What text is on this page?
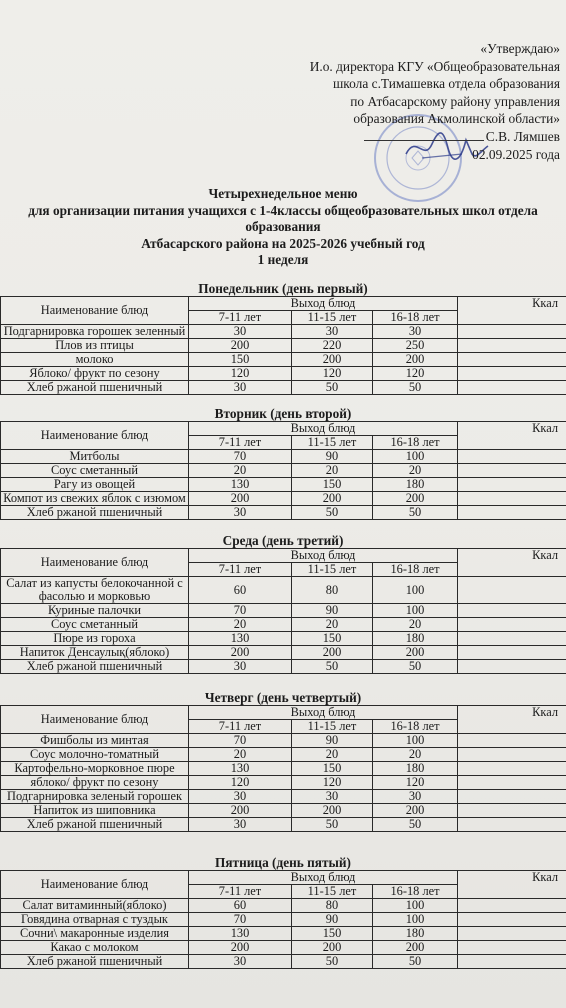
«Утверждаю»
И.о. директора КГУ «Общеобразовательная
школа с.Тимашевка отдела образования
по Атбасарскому району управления
образования Акмолинской области»
С.В. Лямшев
02.09.2025 года
Четырехнедельное меню
для организации питания учащихся с 1-4классы общеобразовательных школ отдела
образования
Атбасарского района на 2025-2026 учебный год
1 неделя
Понедельник (день первый)
Наименование блюд	Выход блюд			Ккал
	7-11 лет	11-15 лет	16-18 лет	
Подгарнировка горошек зеленный	30	30	30	
Плов из птицы	200	220	250	
молоко	150	200	200	
Яблоко/ фрукт по сезону	120	120	120	
Хлеб ржаной пшеничный	30	50	50	
Вторник (день второй)
Наименование блюд	Выход блюд			Ккал
	7-11 лет	11-15 лет	16-18 лет	
Митболы	70	90	100	
Соус сметанный	20	20	20	
Рагу из овощей	130	150	180	
Компот из свежих яблок с изюмом	200	200	200	
Хлеб ржаной пшеничный	30	50	50	
Среда (день третий)
Наименование блюд	Выход блюд			Ккал
	7-11 лет	11-15 лет	16-18 лет	
Салат из капусты белокочанной с фасолью и морковью	60	80	100	
Куриные палочки	70	90	100	
Соус сметанный	20	20	20	
Пюре из гороха	130	150	180	
Напиток Денсаулық(яблоко)	200	200	200	
Хлеб ржаной пшеничный	30	50	50	
Четверг (день четвертый)
Наименование блюд	Выход блюд			Ккал
	7-11 лет	11-15 лет	16-18 лет	
Фишболы из минтая	70	90	100	
Соус молочно-томатный	20	20	20	
Картофельно-морковное пюре	130	150	180	
яблоко/ фрукт по сезону	120	120	120	
Подгарнировка зеленый горошек	30	30	30	
Напиток из шиповника	200	200	200	
Хлеб ржаной пшеничный	30	50	50	
Пятница (день пятый)
Наименование блюд	Выход блюд			Ккал
	7-11 лет	11-15 лет	16-18 лет	
Салат витаминный(яблоко)	60	80	100	
Говядина отварная с туздык	70	90	100	
Сочни\ макаронные изделия	130	150	180	
Какао с молоком	200	200	200	
Хлеб ржаной пшеничный	30	50	50	
